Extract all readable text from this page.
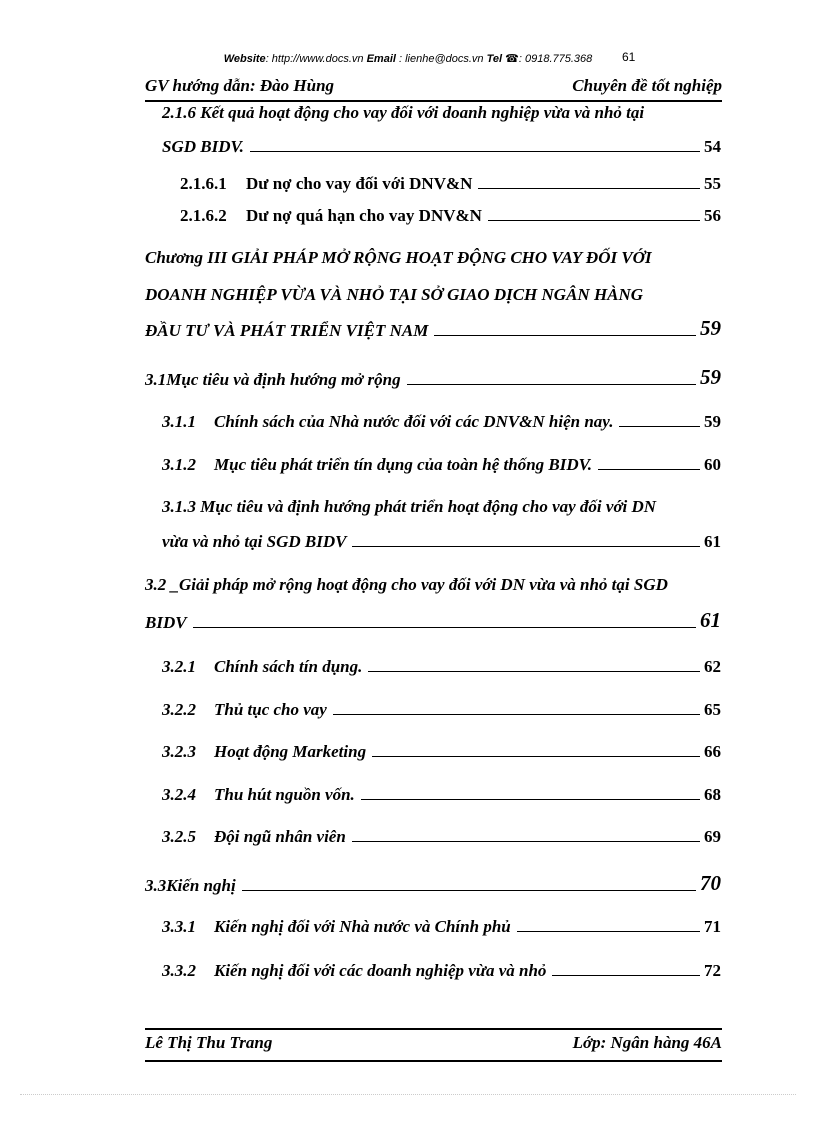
Website: http://www.docs.vn Email : lienhe@docs.vn Tel ☎: 0918.775.368	61
GV hướng dẫn: Đào Hùng	Chuyên đề tốt nghiệp
2.1.6 Kết quả hoạt động cho vay đối với doanh nghiệp vừa và nhỏ tại
SGD BIDV.	54
2.1.6.1	Dư nợ cho vay đối với DNV&N	55
2.1.6.2	Dư nợ quá hạn cho vay DNV&N	56
Chương III GIẢI PHÁP MỞ RỘNG HOẠT ĐỘNG CHO VAY ĐỐI VỚI
DOANH NGHIỆP VỪA VÀ NHỎ TẠI SỞ GIAO DỊCH NGÂN HÀNG
ĐẦU TƯ VÀ PHÁT TRIỂN VIỆT NAM	59
3.1Mục tiêu và định hướng mở rộng	59
3.1.1 Chính sách của Nhà nước đối với các DNV&N hiện nay.	59
3.1.2 Mục tiêu phát triển tín dụng của toàn hệ thống BIDV.	60
3.1.3 Mục tiêu và định hướng phát triển hoạt động cho vay đối với DN
vừa và nhỏ tại SGD BIDV	61
3.2 _Giải pháp mở rộng hoạt động cho vay đối với DN vừa và nhỏ tại SGD
BIDV	61
3.2.1 Chính sách tín dụng.	62
3.2.2 Thủ tục cho vay	65
3.2.3 Hoạt động Marketing	66
3.2.4 Thu hút nguồn vốn.	68
3.2.5 Đội ngũ nhân viên	69
3.3Kiến nghị	70
3.3.1 Kiến nghị đối với Nhà nước và Chính phủ	71
3.3.2 Kiến nghị đối với các doanh nghiệp vừa và nhỏ	72
Lê Thị Thu Trang	Lớp: Ngân hàng 46A
